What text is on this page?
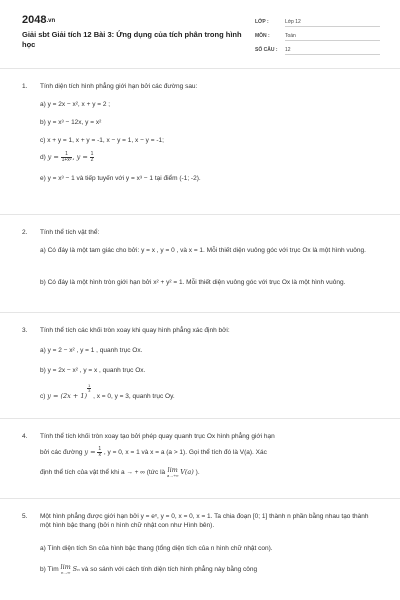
2048.vn
Giải sbt Giải tích 12 Bài 3: Ứng dụng của tích phân trong hình học
LỚP :	Lớp 12
MÔN :	Toán
SỐ CÂU : 12
1. Tính diện tích hình phẳng giới hạn bởi các đường sau:
a) y = 2x − x², x + y = 2 ;
b) y = x³ − 12x, y = x²
c) x + y = 1, x + y = -1, x − y = 1, x − y = -1;
d) $y = \frac{1}{\text{1+x²}}$ , $y = \frac{1}{2}$
e) y = x³ − 1 và tiếp tuyến với y = x³ − 1 tại điểm (-1; -2).
2. Tính thể tích vật thể:
a) Có đáy là một tam giác cho bởi: y = x , y = 0 , và x = 1. Mỗi thiết diện vuông góc với trục Ox là một hình vuông.
b) Có đáy là một hình tròn giới hạn bởi x² + y² = 1. Mỗi thiết diện vuông góc với trục Ox là một hình vuông.
3. Tính thể tích các khối tròn xoay khi quay hình phẳng xác định bởi:
a) y = 2 − x² , y = 1 , quanh trục Ox.
b) y = 2x − x² , y = x , quanh trục Ox.
c) y = (2x + 1)
$\frac{1}{3}$
, x = 0, y = 3, quanh trục Oy.
4. Tính thể tích khối tròn xoay tạo bởi phép quay quanh trục Ox hình phẳng giới hạn
bởi các đường $y = \frac{1}{x}$ , y = 0, x = 1 và x = a (a > 1). Gọi thể tích đó là V(a). Xác
định thể tích của vật thể khi a → + ∞ (tức là lim
a→+∞ V(a) ).
5. Một hình phẳng được giới hạn bởi y = eˣ, y = 0, x = 0, x = 1. Ta chia đoạn [0; 1] thành n phần bằng nhau tạo thành một hình bậc thang (bởi n hình chữ nhật con như Hình bên).
a) Tính diện tích Sn của hình bậc thang (tổng diện tích của n hình chữ nhật con).
b) Tìm lim
n→∞ Sₙ và so sánh với cách tính diện tích hình phẳng này bằng công
